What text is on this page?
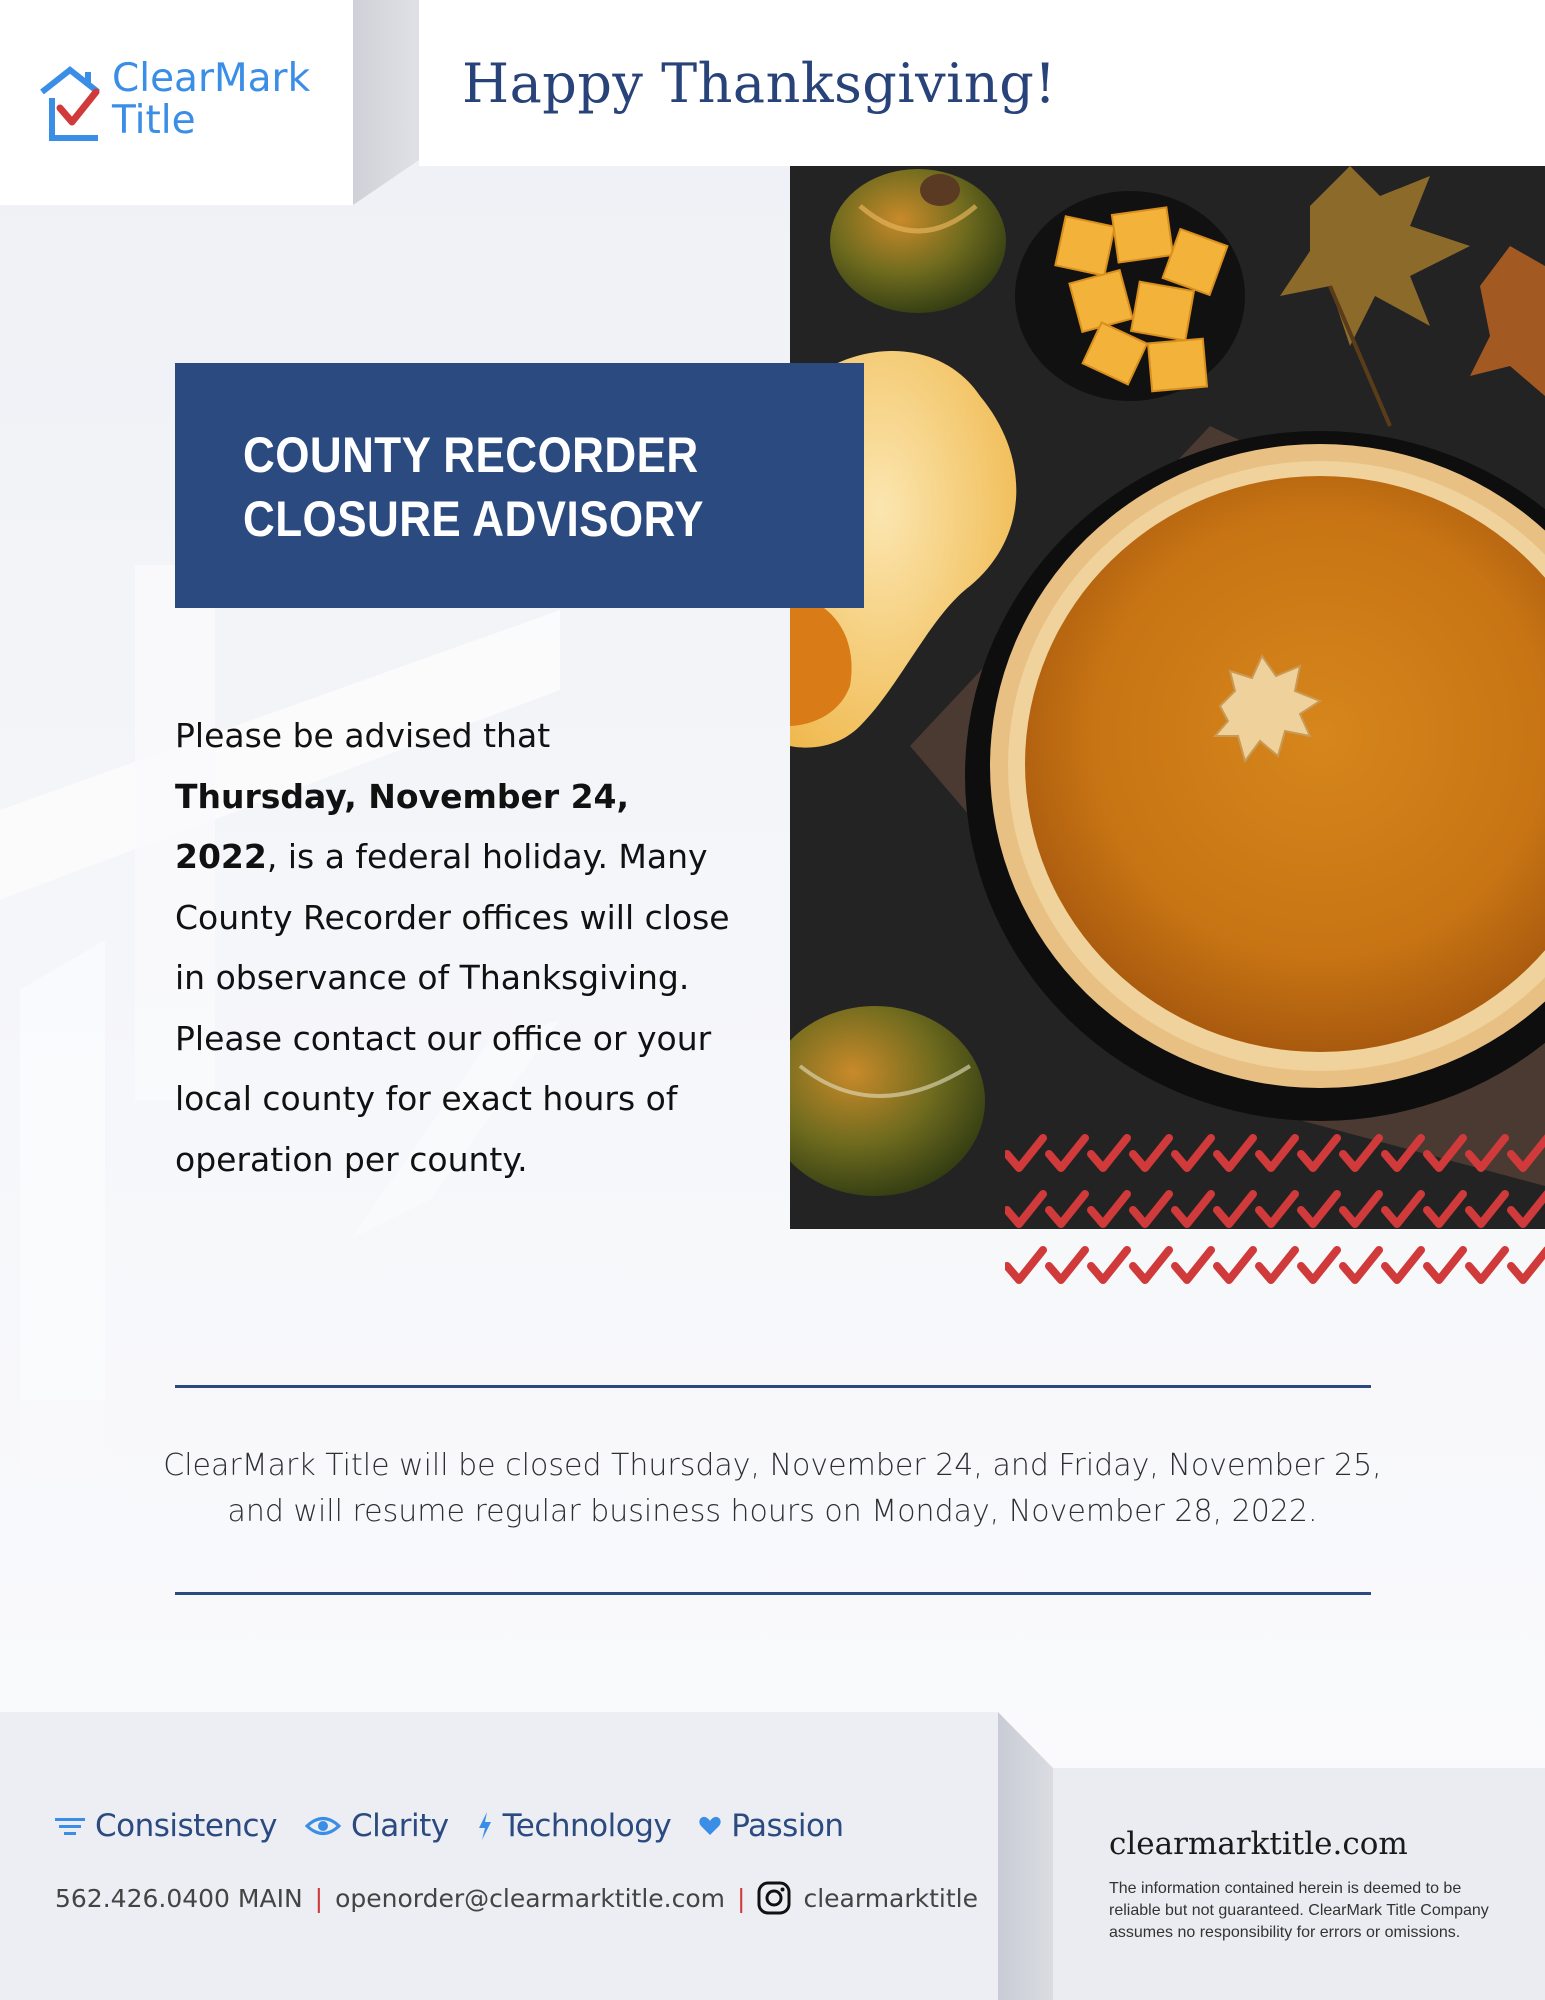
ClearMark
Title
Happy Thanksgiving!
COUNTY RECORDER
CLOSURE ADVISORY
Please be advised that Thursday, November 24, 2022, is a federal holiday. Many County Recorder offices will close in observance of Thanksgiving. Please contact our office or your local county for exact hours of operation per county.
ClearMark Title will be closed Thursday, November 24, and Friday, November 25,
and will resume regular business hours on Monday, November 28, 2022.
Consistency Clarity Technology Passion
562.426.0400 MAIN | openorder@clearmarktitle.com | clearmarktitle
clearmarktitle.com
The information contained herein is deemed to be reliable but not guaranteed. ClearMark Title Company assumes no responsibility for errors or omissions.
